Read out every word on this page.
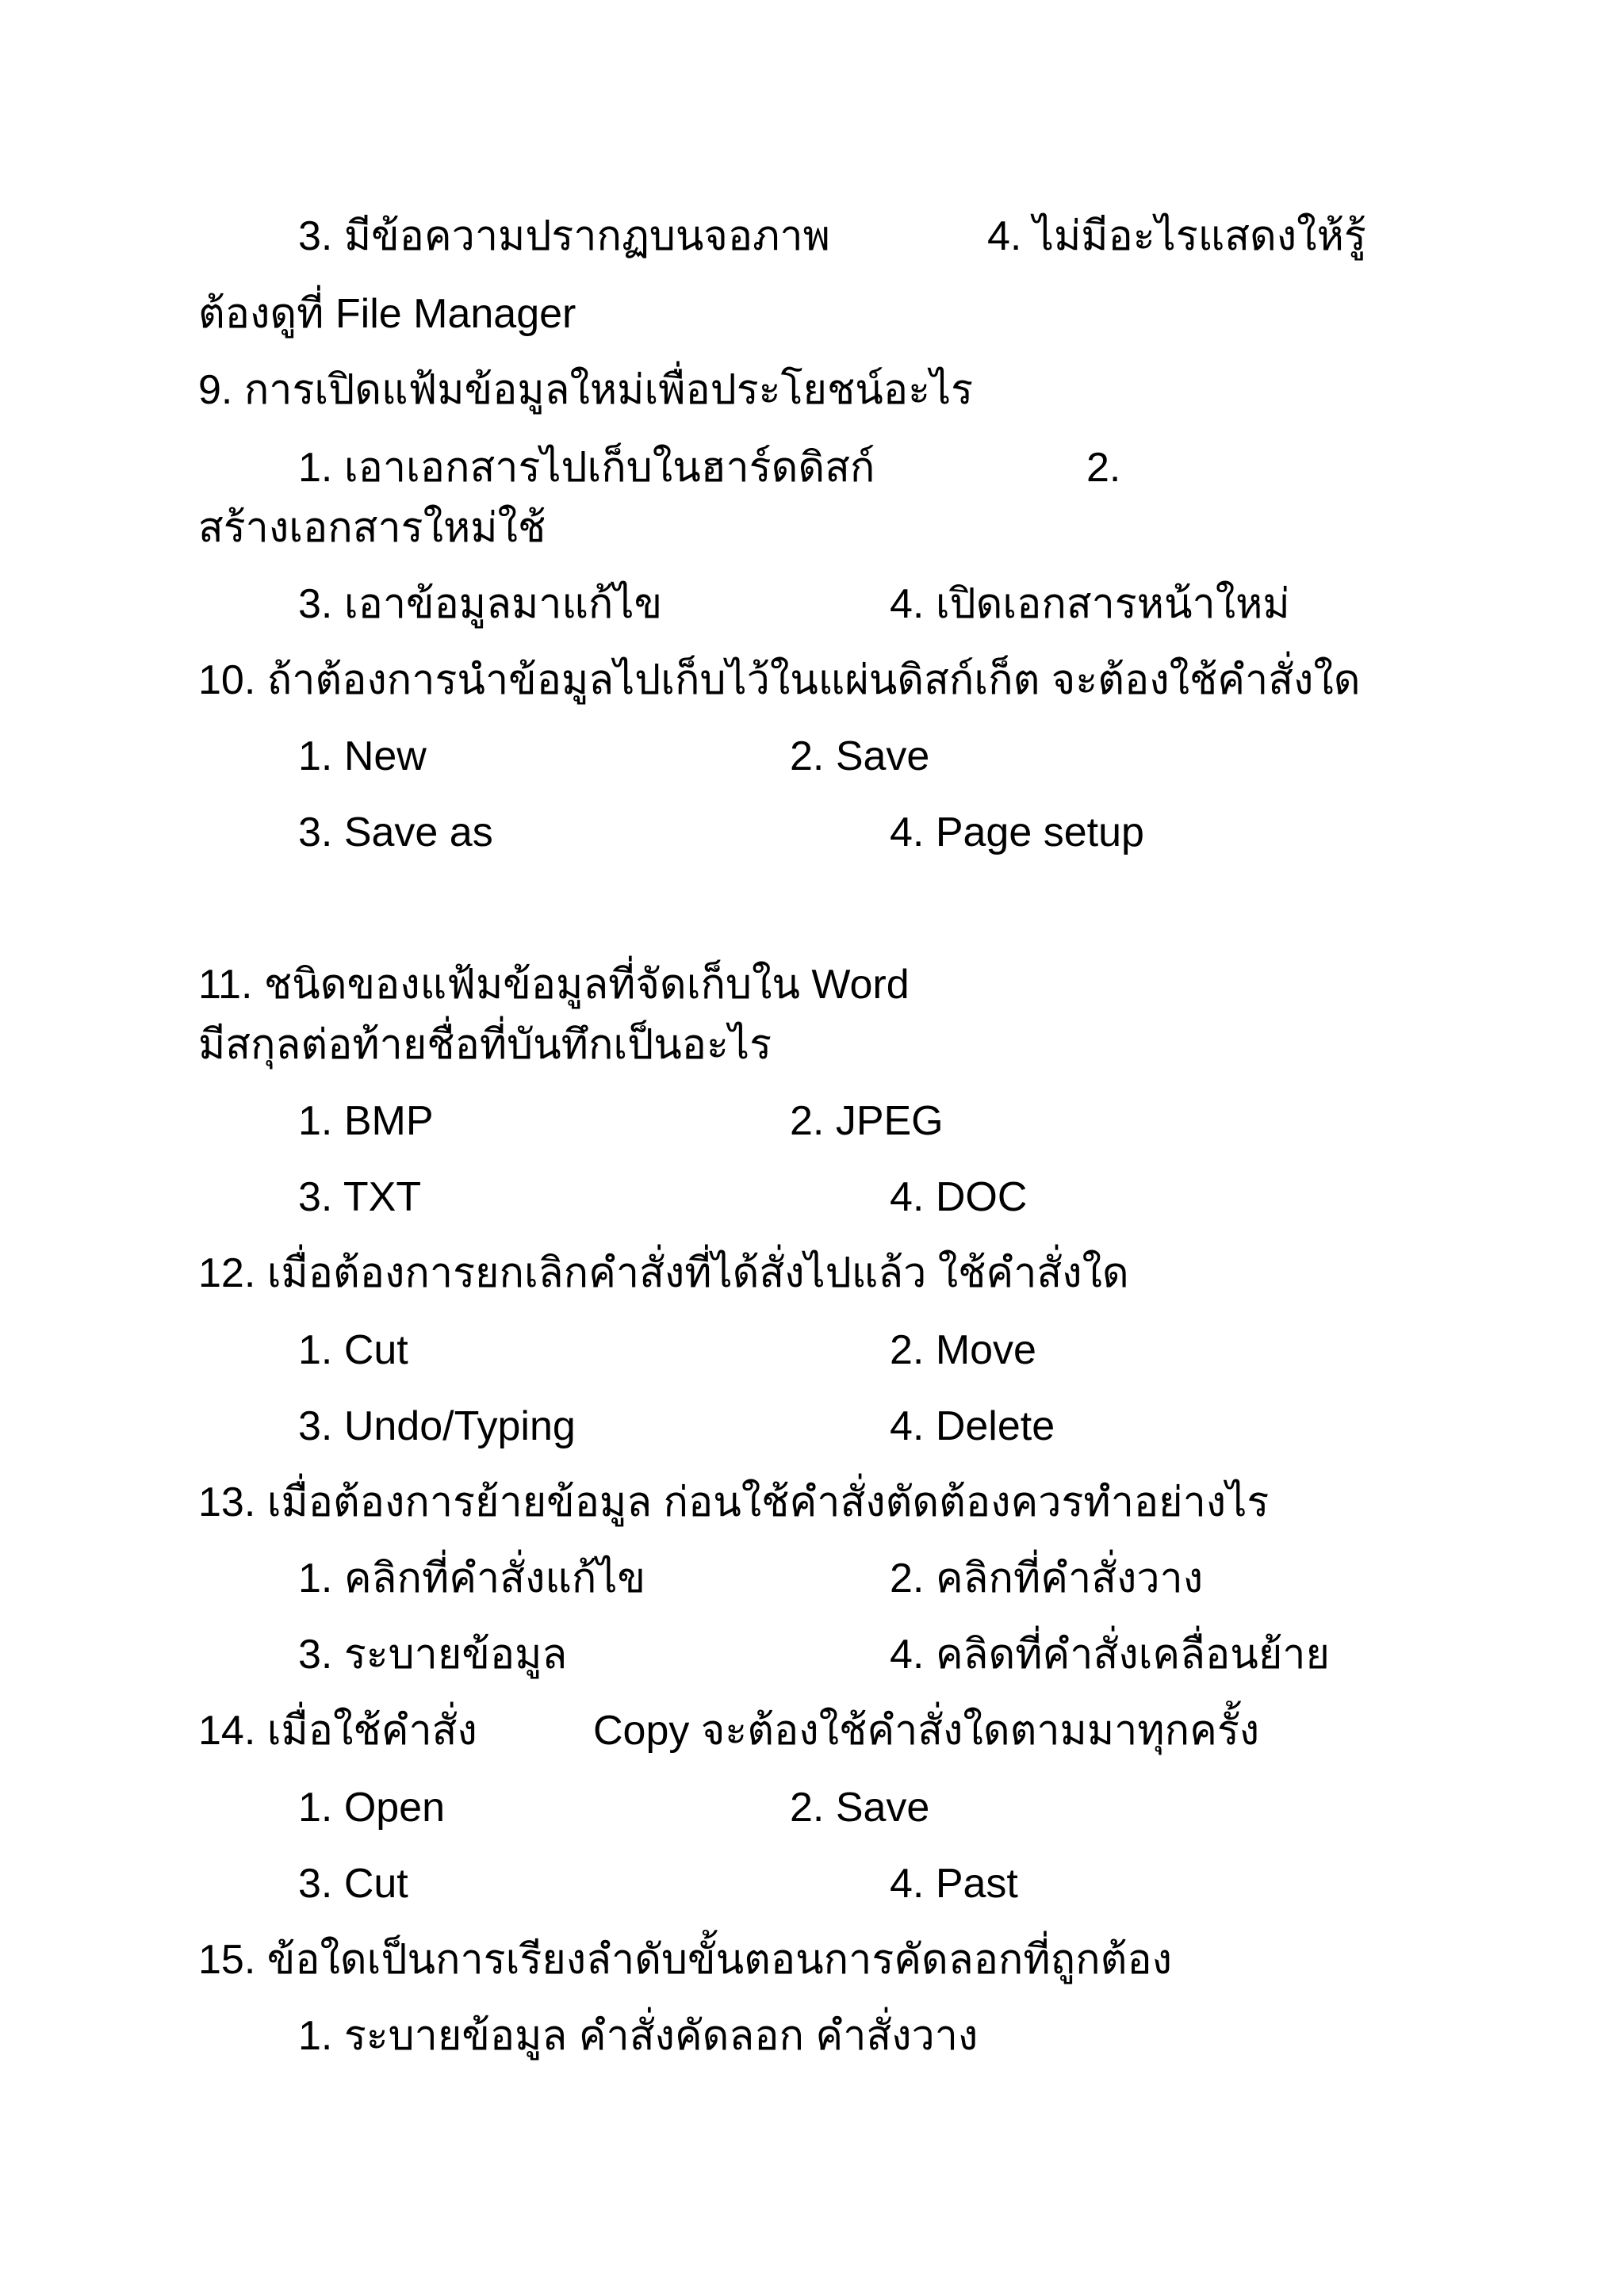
3. มีข้อความปรากฏบนจอภาพ	4. ไม่มีอะไรแสดงให้รู้
ต้องดูที่ File Manager
9. การเปิดแฟ้มข้อมูลใหม่เพื่อประโยชน์อะไร
1. เอาเอกสารไปเก็บในฮาร์ดดิสก์	2.
สร้างเอกสารใหม่ใช้
3. เอาข้อมูลมาแก้ไข	4. เปิดเอกสารหน้าใหม่
10. ถ้าต้องการนำข้อมูลไปเก็บไว้ในแผ่นดิสก์เก็ต จะต้องใช้คำสั่งใด
1. New	2. Save
3. Save as	4. Page setup
11. ชนิดของแฟ้มข้อมูลที่จัดเก็บใน Word
มีสกุลต่อท้ายชื่อที่บันทึกเป็นอะไร
1. BMP	2. JPEG
3. TXT	4. DOC
12. เมื่อต้องการยกเลิกคำสั่งที่ได้สั่งไปแล้ว ใช้คำสั่งใด
1. Cut	2. Move
3. Undo/Typing	4. Delete
13. เมื่อต้องการย้ายข้อมูล ก่อนใช้คำสั่งตัดต้องควรทำอย่างไร
1. คลิกที่คำสั่งแก้ไข	2. คลิกที่คำสั่งวาง
3. ระบายข้อมูล	4. คลิดที่คำสั่งเคลื่อนย้าย
14. เมื่อใช้คำสั่ง	Copy จะต้องใช้คำสั่งใดตามมาทุกครั้ง
1. Open	2. Save
3. Cut	4. Past
15. ข้อใดเป็นการเรียงลำดับขั้นตอนการคัดลอกที่ถูกต้อง
1. ระบายข้อมูล คำสั่งคัดลอก คำสั่งวาง
